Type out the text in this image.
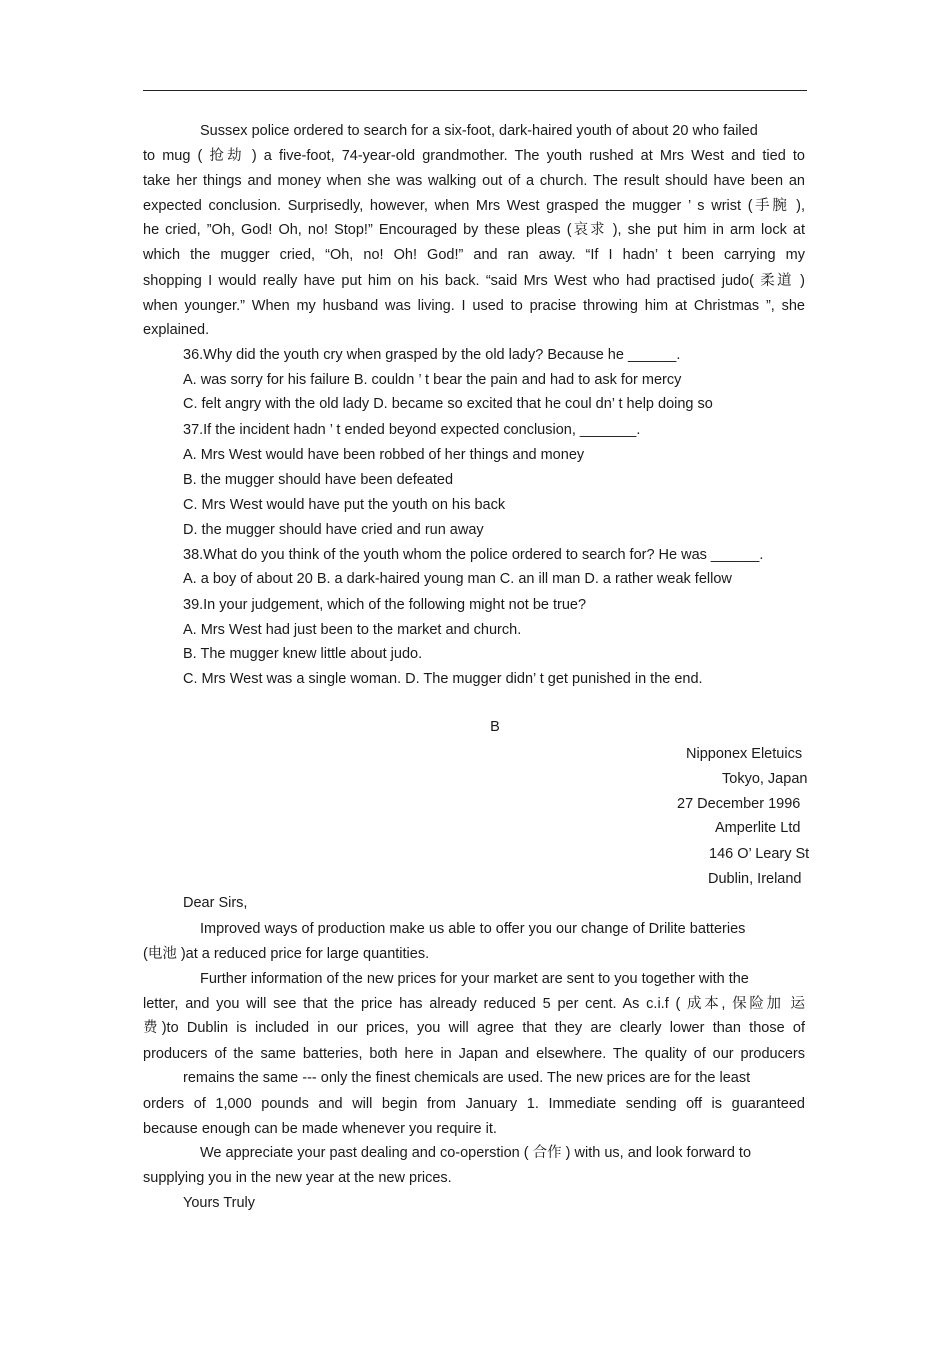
Sussex police ordered to search for a six-foot, dark-haired youth of about 20 who failed
to mug ( 抢劫 ) a five-foot, 74-year-old grandmother. The youth rushed at Mrs West and tied to
take her things and money when she was walking out of a church. The result should have been an
expected conclusion. Surprisedly, however, when Mrs West grasped the mugger ’ s wrist (手腕 ),
he cried, ”Oh, God! Oh, no! Stop!” Encouraged by these pleas (哀求 ), she put him in arm lock at
which the mugger cried, “Oh, no! Oh! God!” and ran away. “If I hadn’ t been carrying my
shopping I would really have put him on his back. “said Mrs West who had practised judo( 柔道 )
when younger.” When my husband was living. I used to pracise throwing him at Christmas ”, she
explained.
36.Why did the youth cry when grasped by the old lady? Because he ______.
A. was sorry for his failure B. couldn ’ t bear the pain and had to ask for mercy
C. felt angry with the old lady D. became so excited that he coul dn’ t help doing so
37.If the incident hadn ’ t ended beyond expected conclusion, _______.
A. Mrs West would have been robbed of her things and money
B. the mugger should have been defeated
C. Mrs West would have put the youth on his back
D. the mugger should have cried and run away
38.What do you think of the youth whom the police ordered to search for? He was ______.
A. a boy of about 20 B. a dark-haired young man C. an ill man D. a rather weak fellow
39.In your judgement, which of the following might not be true?
A. Mrs West had just been to the market and church.
B. The mugger knew little about judo.
C. Mrs West was a single woman. D. The mugger didn’ t get punished in the end.
B
Nipponex Eletuics
Tokyo, Japan
27 December 1996
Amperlite Ltd
146 O’ Leary St
Dublin, Ireland
Dear Sirs,
Improved ways of production make us able to offer you our change of Drilite batteries
(电池 )at a reduced price for large quantities.
Further information of the new prices for your market are sent to you together with the
letter, and you will see that the price has already reduced 5 per cent. As c.i.f ( 成本, 保险加 运
费)to Dublin is included in our prices, you will agree that they are clearly lower than those of
producers of the same batteries, both here in Japan and elsewhere. The quality of our producers
remains the same --- only the finest chemicals are used. The new prices are for the least
orders of 1,000 pounds and will begin from January 1. Immediate sending off is guaranteed
because enough can be made whenever you require it.
We appreciate your past dealing and co-operstion ( 合作 ) with us, and look forward to
supplying you in the new year at the new prices.
Yours Truly
